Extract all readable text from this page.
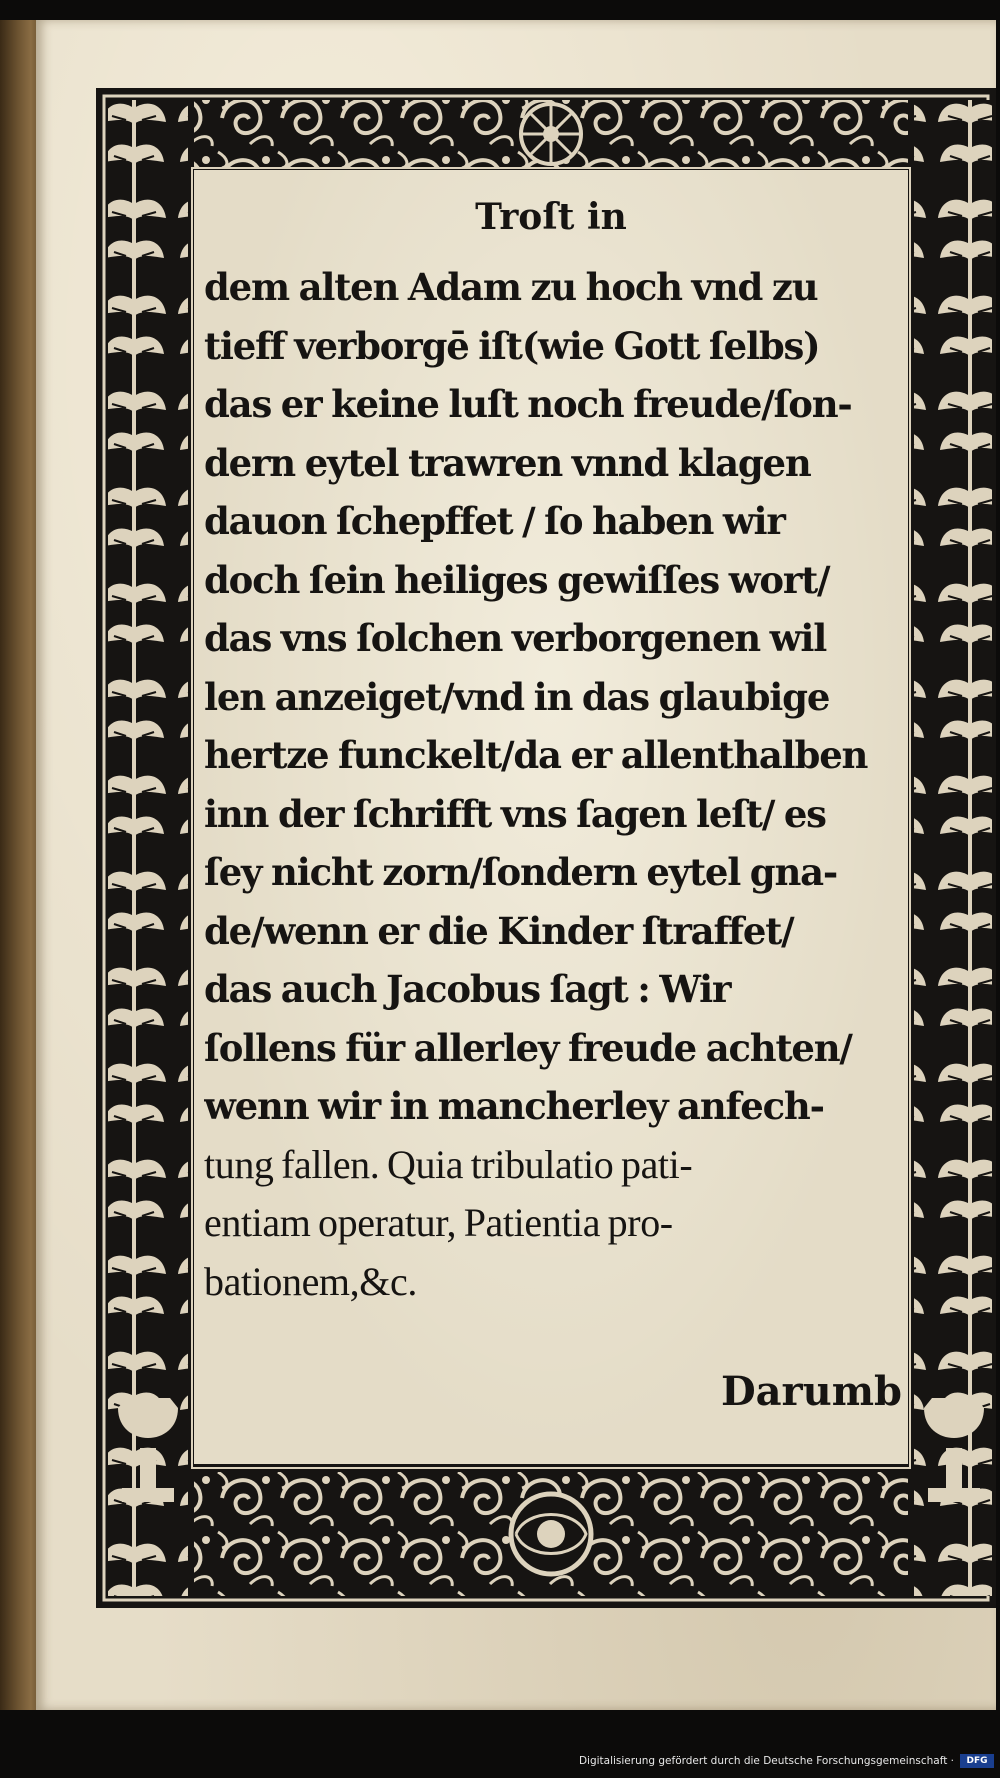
Troſt in
dem alten Adam zu hoch vnd zu
tieff verborgē iſt(wie Gott ſelbs)
das er keine luſt noch freude/ſon-
dern eytel trawren vnnd klagen
dauon ſchepffet / ſo haben wir
doch ſein heiliges gewiſſes wort/
das vns ſolchen verborgenen wil
len anzeiget/vnd in das glaubige
hertze funckelt/da er allenthalben
inn der ſchrifft vns ſagen leſt/ es
ſey nicht zorn/ſondern eytel gna-
de/wenn er die Kinder ſtraffet/
das auch Jacobus ſagt : Wir
ſollens für allerley freude achten/
wenn wir in mancherley anfech-
tung fallen. Quia tribulatio pati-
entiam operatur, Patientia pro-
bationem,&c.
Darumb
Digitalisierung gefördert durch die Deutsche Forschungsgemeinschaft ·	DFG
